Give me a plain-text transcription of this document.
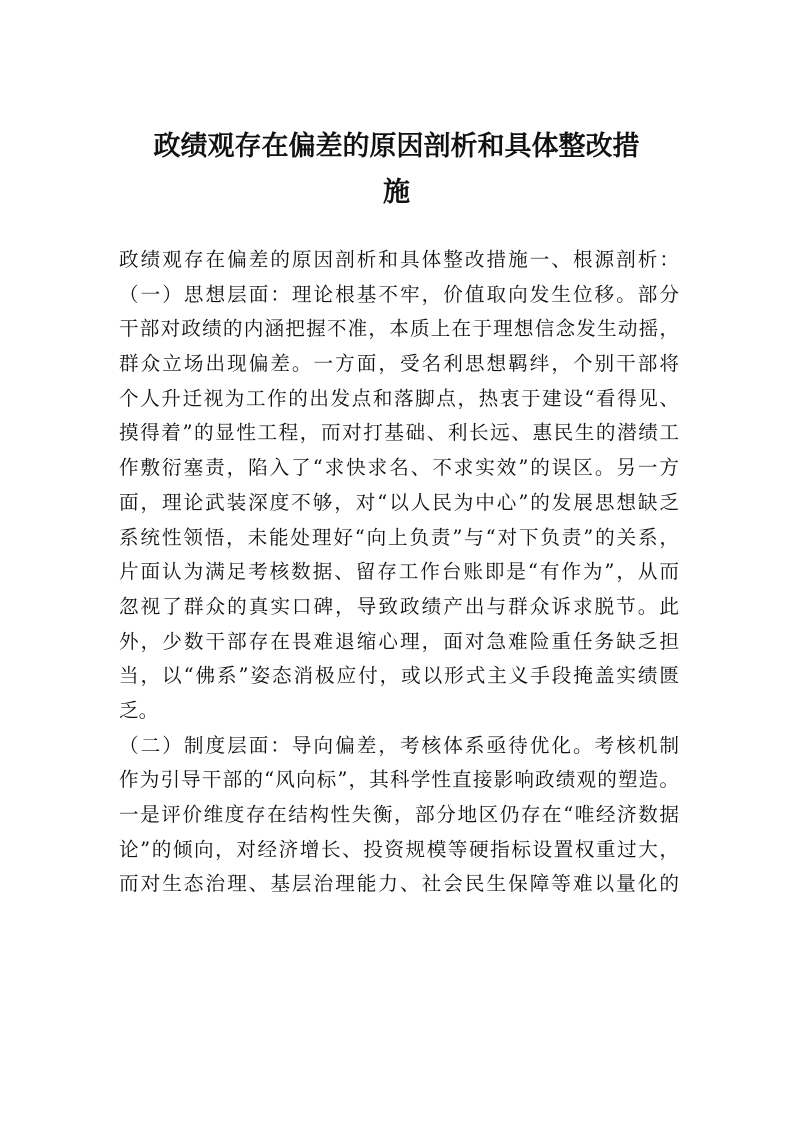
政绩观存在偏差的原因剖析和具体整改措
施
政绩观存在偏差的原因剖析和具体整改措施一、根源剖析：
（一）思想层面：理论根基不牢，价值取向发生位移。部分
干部对政绩的内涵把握不准，本质上在于理想信念发生动摇，
群众立场出现偏差。一方面，受名利思想羁绊，个别干部将
个人升迁视为工作的出发点和落脚点，热衷于建设“看得见、
摸得着”的显性工程，而对打基础、利长远、惠民生的潜绩工
作敷衍塞责，陷入了“求快求名、不求实效”的误区。另一方
面，理论武装深度不够，对“以人民为中心”的发展思想缺乏
系统性领悟，未能处理好“向上负责”与“对下负责”的关系，
片面认为满足考核数据、留存工作台账即是“有作为”，从而
忽视了群众的真实口碑，导致政绩产出与群众诉求脱节。此
外，少数干部存在畏难退缩心理，面对急难险重任务缺乏担
当，以“佛系”姿态消极应付，或以形式主义手段掩盖实绩匮
乏。
（二）制度层面：导向偏差，考核体系亟待优化。考核机制
作为引导干部的“风向标”，其科学性直接影响政绩观的塑造。
一是评价维度存在结构性失衡，部分地区仍存在“唯经济数据
论”的倾向，对经济增长、投资规模等硬指标设置权重过大，
而对生态治理、基层治理能力、社会民生保障等难以量化的
